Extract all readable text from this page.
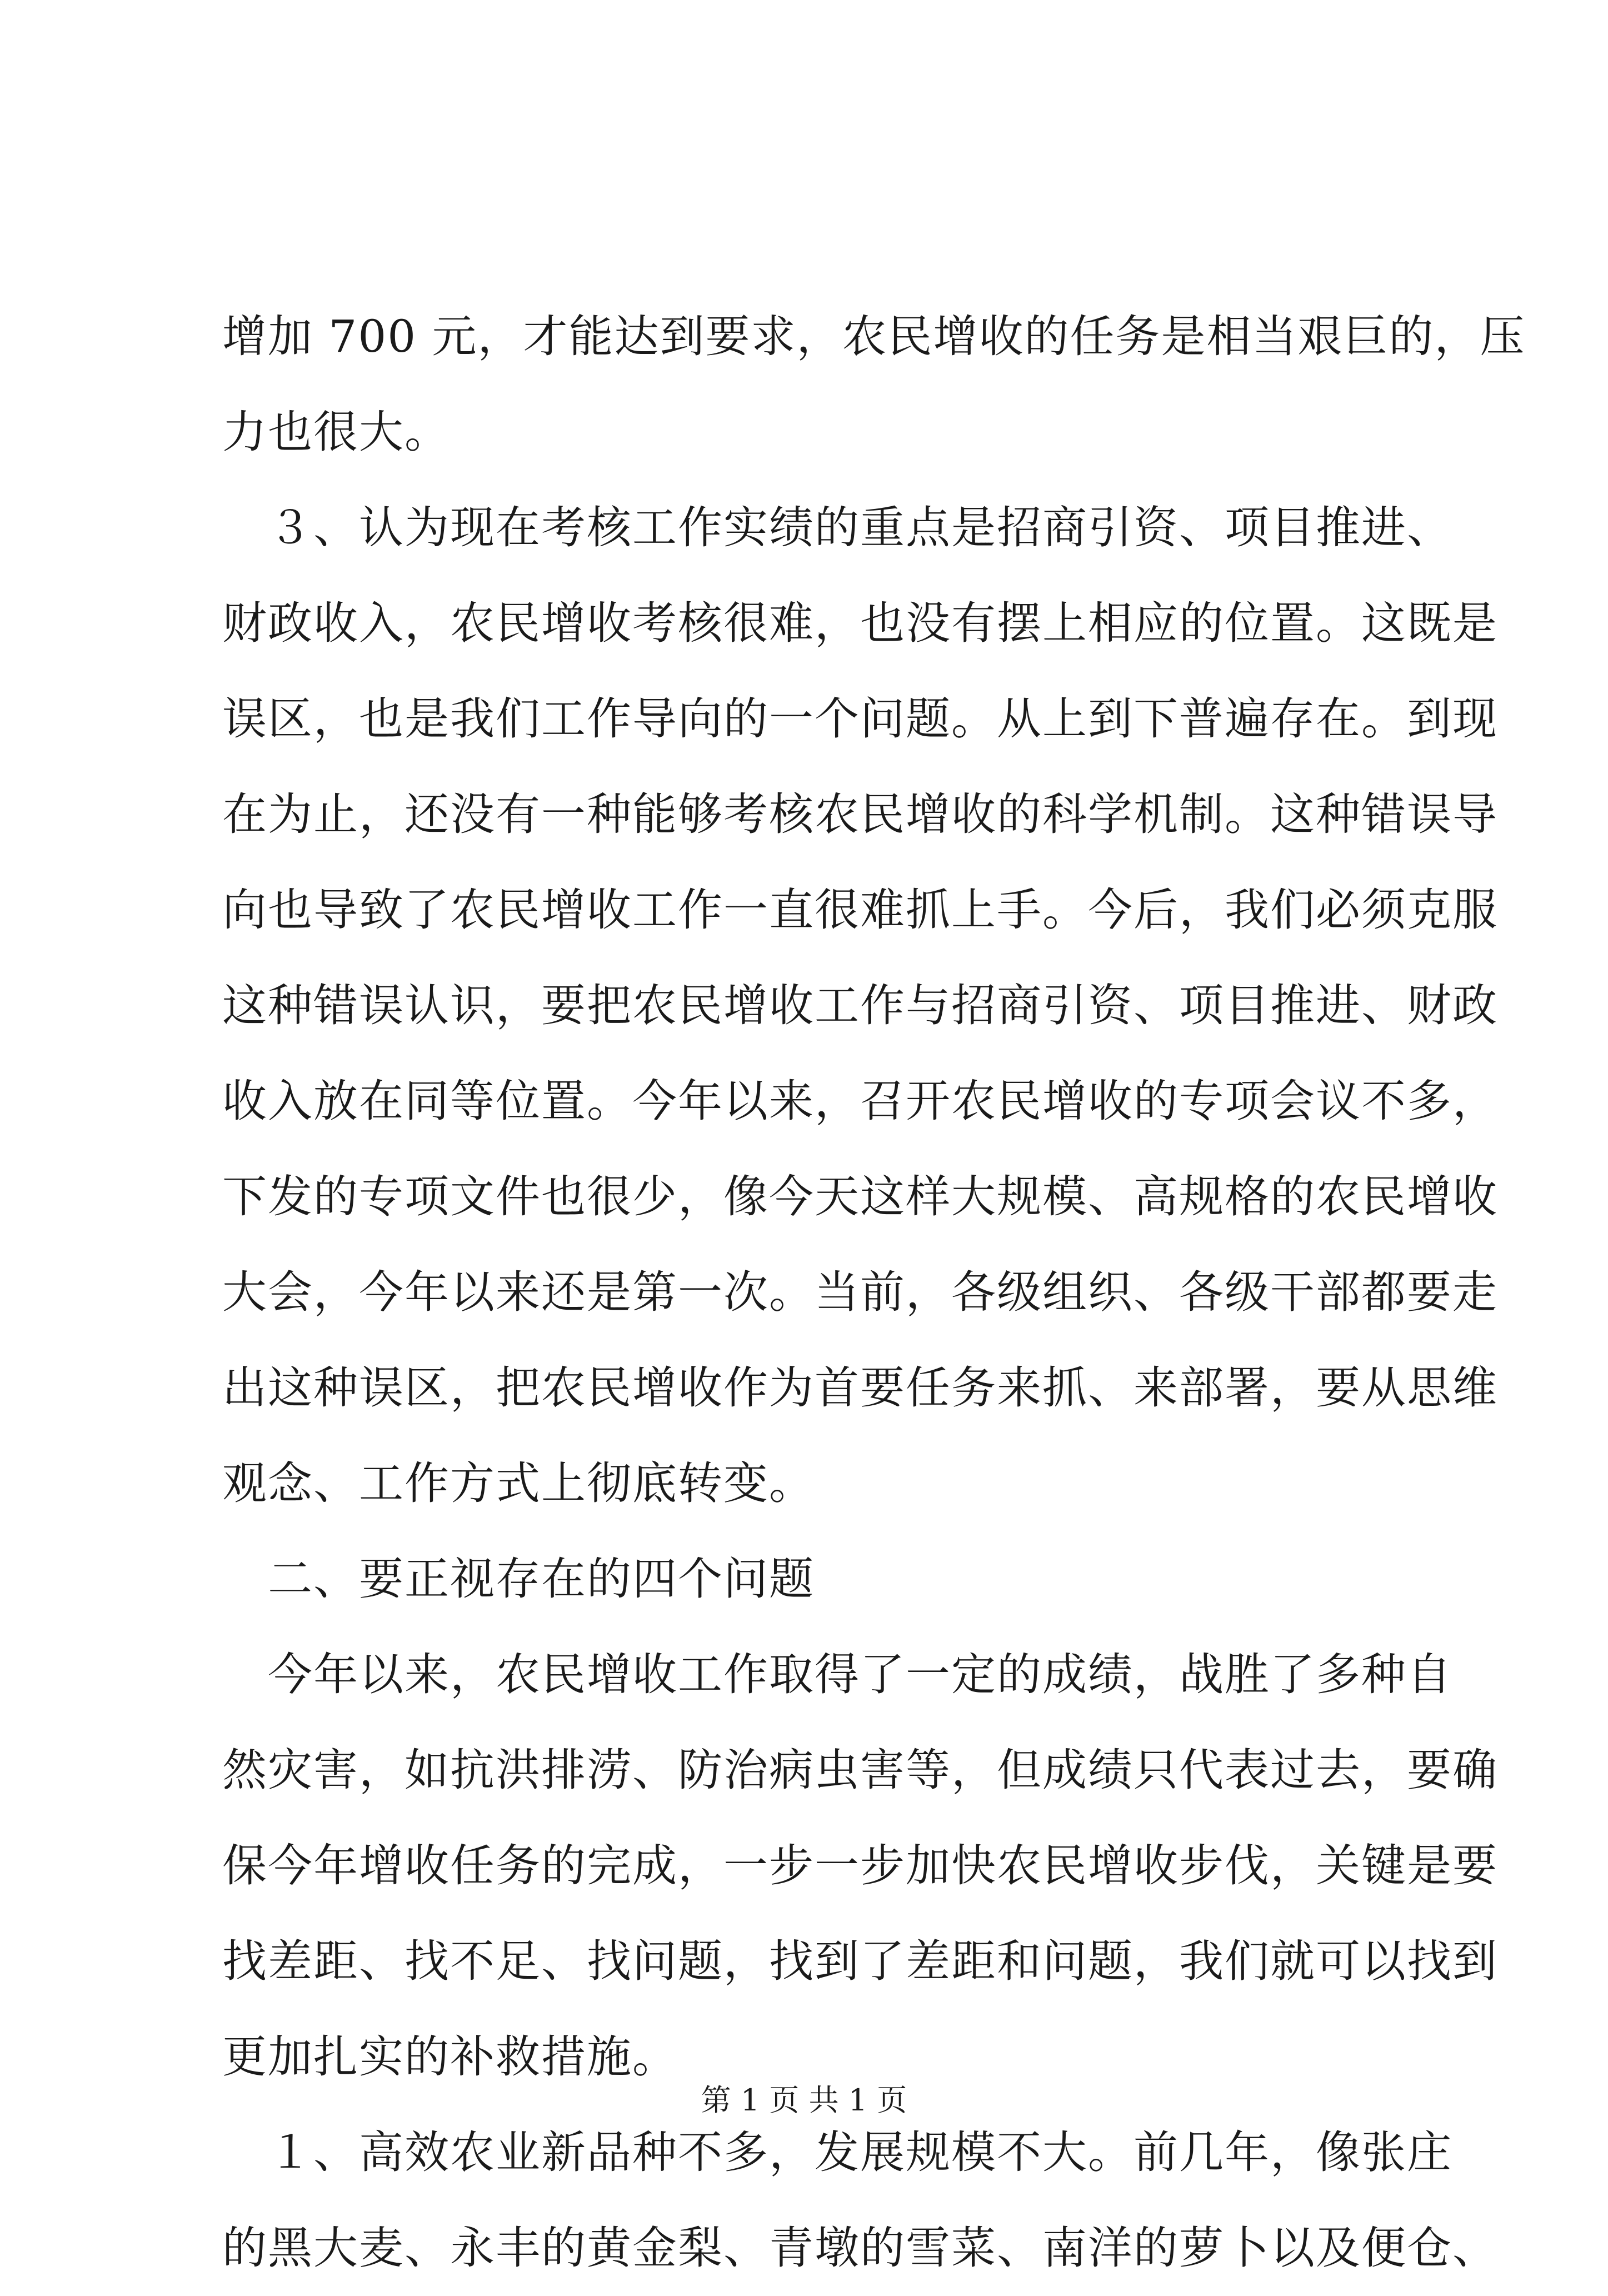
增加 700 元，才能达到要求，农民增收的任务是相当艰巨的，压
力也很大。
　３、认为现在考核工作实绩的重点是招商引资、项目推进、
财政收入，农民增收考核很难，也没有摆上相应的位置。这既是
误区，也是我们工作导向的一个问题。从上到下普遍存在。到现
在为止，还没有一种能够考核农民增收的科学机制。这种错误导
向也导致了农民增收工作一直很难抓上手。今后，我们必须克服
这种错误认识，要把农民增收工作与招商引资、项目推进、财政
收入放在同等位置。今年以来，召开农民增收的专项会议不多，
下发的专项文件也很少，像今天这样大规模、高规格的农民增收
大会，今年以来还是第一次。当前，各级组织、各级干部都要走
出这种误区，把农民增收作为首要任务来抓、来部署，要从思维
观念、工作方式上彻底转变。
　二、要正视存在的四个问题
　今年以来，农民增收工作取得了一定的成绩，战胜了多种自
然灾害，如抗洪排涝、防治病虫害等，但成绩只代表过去，要确
保今年增收任务的完成，一步一步加快农民增收步伐，关键是要
找差距、找不足、找问题，找到了差距和问题，我们就可以找到
更加扎实的补救措施。
　１、高效农业新品种不多，发展规模不大。前几年，像张庄
的黑大麦、永丰的黄金梨、青墩的雪菜、南洋的萝卜以及便仓、
第 1 页 共 1 页
